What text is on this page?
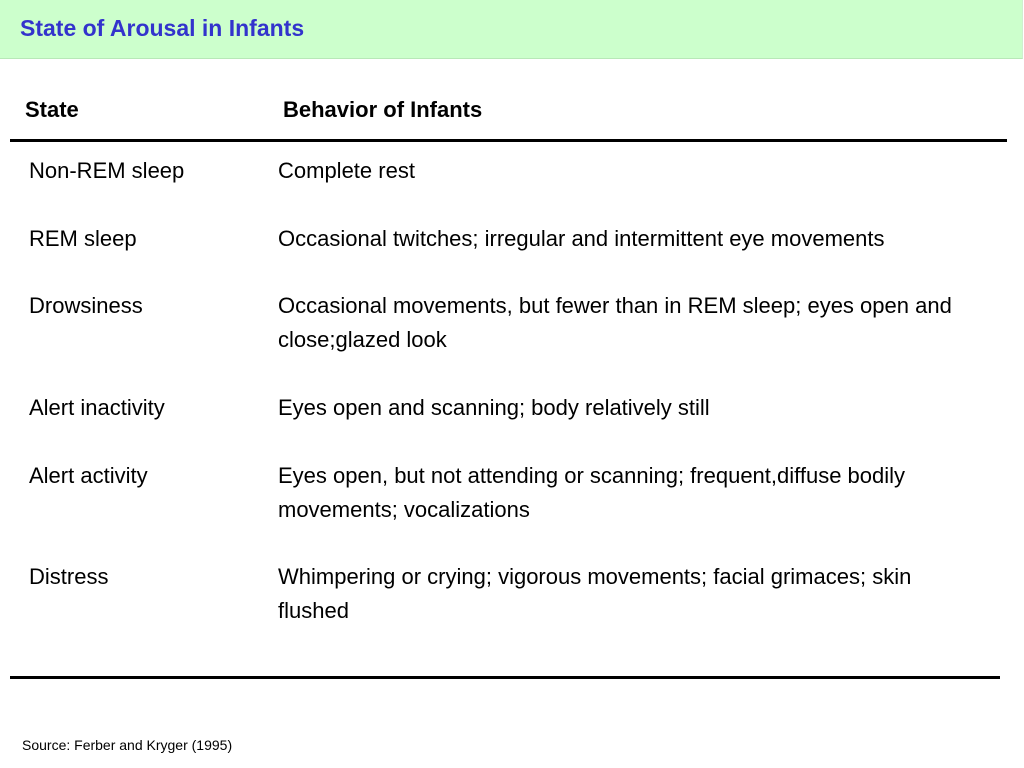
State of Arousal in Infants
State	Behavior of Infants
Non-REM sleep	Complete rest
REM sleep	Occasional twitches; irregular and intermittent eye movements
Drowsiness	Occasional movements, but fewer than in REM sleep; eyes open and close;glazed look
Alert inactivity	Eyes open and scanning; body relatively still
Alert activity	Eyes open, but not attending or scanning; frequent,diffuse bodily movements; vocalizations
Distress	Whimpering or crying; vigorous movements; facial grimaces; skin flushed
Source: Ferber and Kryger (1995)
